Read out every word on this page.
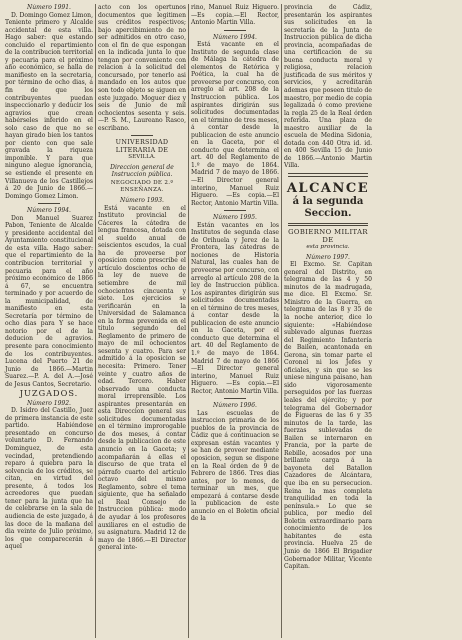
Número 1991.

D. Domingo Gomez Limon, Teniente primero y Alcalde accidental de esta villa. Hago saber: que estando concluido el repartimiento de la contribucion territorial y pecuaria para el próximo año económico, se halla de manifiesto en la secretaria, por término de ocho dias, á fin de que los contribuyentes puedan inspeccionarlo y deducir los agravios que crean habérseles inferido en el solo caso de que no se hayan girado bien los tantos por ciento con que sale gravada la riqueza imponible. Y para que ninguno alegue ignorancia, se estiende el presente en Villanueva de los Castillejos á 20 de Junio de 1866.—Domingo Gomez Limon.

Número 1994.

Don Manuel Suarez Pabon, Teniente de Alcalde y presidente accidental del Ayuntamiento constitucional de esta villa. Hago saber: que el repartimiento de la contribucion territorial y pecuaria para el año próximo económico de 1866 á 67, se encuentra terminado y por acuerdo de la municipalidad, de manifiesto en esta Secretaría por término de ocho dias para Y se hace notorio por el de la deducion de agravios. presente para conocimiento de los contribuyentes. Lucena del Puerto 21 de Junio de 1866.—Martin Suarez.—P. A. del A.—José de Jesus Cantos, Secretario.

JUZGADOS.
Número 1992.

D. Isidro del Castillo, Juez de primera instancia de este partido. Habiéndose presentado en concurso voluntario D. Fernando Dominguez, de esta vecindad, pretendiendo reparo á quiebra para la solvencia de los créditos, se citan, en virtud del presente, á todos los acreedores que puedan tener para la junta que ha de celebrarse en la sala de audiencia de este juzgado, á las doce de la mañana del dia veinte de Julio próximo, los que comparecerán á aquel

acto con los opertunos documentos que legitimen sus créditos respectivos; bajo apercibimiento de no ser admitidos en otro caso, con el fin de que espongan en la indicada junta lo que tengan por conveniente con relacion á la solicitud del concursado, por tenerlo asi mandado en los autos que son todo objeto se siguen en este juzgado. Moguer diez y seis de Junio de mil ochocientos sesenta y seis.—P. S. M., Laureano Rasco, escribano.

UNIVERSIDAD LITERARIA DE
SEVILLA.
Direccion general de Instruccion pública.
NEGOCIADO DE 2.º ENSEÑANZA.
Número 1993.

Está vacante en el Instituto provincial de Cáceres la cátedra de lengua francesa, dotada con el sueldo anual de seiscientos escudos, la cual ha de proveerse por oposicion como prescribe el artículo doscientos ocho de la ley de nueve de setiembre de mil ochocientos cincuenta y siete. Los ejercicios se verificarán en la Universidad de Salamanca en la forma prevenida en el título segundo del Reglamento de primero de mayo de mil ochocientos sesenta y cuatro. Para ser admitido á la oposicion se necesita: Primero. Tener veinte y cuatro años de edad. Tercero. Haber observado una conducta moral irreprensible. Los aspirantes presentarán en esta Direccion general sus solicitudes documentadas en el término improrogable de dos meses, á contar desde la publicacion de este anuncio en la Gaceta; y acompañarán á ellas el discurso de que trata el párrafo cuarto del artículo octavo del mismo Reglamento, sobre el tema siguiente, que ha señalado el Real Consejo de Instruccion pública: modo de ayudar á los profesores auxiliares en el estudio de su asignatura. Madrid 12 de mayo de 1866.—El Director general inte-

rino, Manuel Ruiz Higuero. —Es copia.—El Rector, Antonio Martin Villa.

Número 1994.

Está vacante en el Instituto de segunda clase de Málaga la cátedra de elementos de Retórica y Poética, la cual ha de proveerse por concurso, con arreglo al art. 208 de la Instruccion pública. Los aspirantes dirigirán sus solicitudes documentadas en el término de tres meses, á contar desde la publicacion de este anuncio en la Gaceta, por el conducto que determina el art. 40 del Reglamento de 1.º de mayo de 1864. Madrid 7 de mayo de 1866. —El Director general interino, Manuel Ruiz Higuero. —Es copia.—El Rector, Antonio Martin Villa.

Número 1995.

Están vacantes en los Institutos de segunda clase de Orihuela y Jerez de la Frontera, las cátedras de nociones de Historia Natural, las cuales han de proveerse por concurso, con arreglo al artículo 208 de la ley de Instruccion pública. Los aspirantes dirigirán sus solicitudes documentadas en el término de tres meses, á contar desde la publicacion de este anuncio en la Gaceta, por el conducto que determina el art. 40 del Reglamento de 1.º de mayo de 1864. Madrid 7 de mayo de 1866 —El Director general interino, Manuel Ruiz Higuero. —Es copia.—El Rector, Antonio Martin Villa.

Número 1996.

Las escuelas de instruccion primaria de los pueblos de la provincia de Cádiz que á continuacion se expresan están vacantes y se han de proveer mediante oposicion, segun se dispone en la Real órden de 9 de Febrero de 1866. Tres dias antes, por lo menos, de terminar un mes, que empezará á contarse desde la publicacion de este anuncio en el Boletin oficial de la

provincia de Cádiz, presentarán los aspirantes sus solicitudes en la secretaría de la Junta de Instruccion pública de dicha provincia, acompañadas de una certificacion de su buena conducta moral y religiosa, relacion justificada de sus méritos y servicios, y acreditarán ademas que poseen titulo de maestro, por medio de copia legalizada ó como previene la regla 25 de la Real órden referida. Una plaza de maestro auxiliar de la escuela de Medina Sidonia, dotada con 440 Otra id. id. en 400 Sevilla 15 de Junio de 1866.—Antonio Martin Villa.

ALCANCE
á la segunda Seccion.
GOBIERNO MILITAR DE
esta provincia.
Número 1997.

El Excmo. Sr. Capitan general del Distrito, en telegrama de las 4 y 50 minutos de la madrugada, me dice. El Excmo. Sr. Ministro de la Guerra, en telegrama de las 8 y 35 de la noche anterior, dice lo siguiente: «Habiéndose sublevado algunas fuerzas del Regimiento Infantería de Bailen, acantonada en Gerona, sin tomar parte el Coronel ni los Jefes y oficiales, y sin que se les uniese ninguna paisano, han sido vigorosamente perseguidos por las fuerzas leales del ejército; y por telegrama del Gobernador de Figueras de las 6 y 35 minutos de la tarde, las fuerzas sublevadas de Bailen se internaron en Francia, por la parte de Rebille, acosados por una brillante carga á la bayoneta del Batallon Cazadores de Alcántara, que iba en su persecucion. Reina la mas completa tranquilidad en toda la península.» Lo que se publica, por medio del Boletin extraordinario para conocimiento de los habitantes de esta provincia. Huelva 25 de Junio de 1866 El Brigadier Gobernador Militar, Vicente Capitan.
